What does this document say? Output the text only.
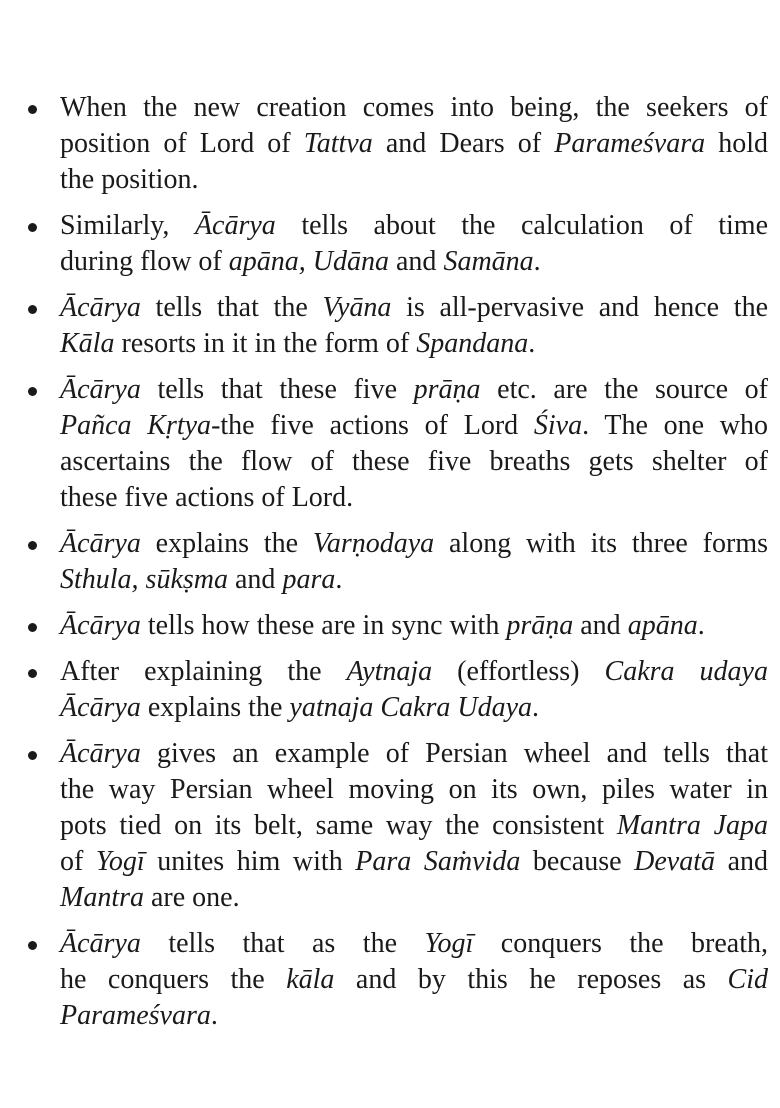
When the new creation comes into being, the seekers of
position of Lord of Tattva and Dears of Parameśvara hold
the position.
Similarly, Ācārya tells about the calculation of time
during flow of apāna, Udāna and Samāna.
Ācārya tells that the Vyāna is all-pervasive and hence the
Kāla resorts in it in the form of Spandana.
Ācārya tells that these five prāṇa etc. are the source of
Pañca Kṛtya-the five actions of Lord Śiva. The one who
ascertains the flow of these five breaths gets shelter of
these five actions of Lord.
Ācārya explains the Varṇodaya along with its three forms
Sthula, sūkṣma and para.
Ācārya tells how these are in sync with prāṇa and apāna.
After explaining the Aytnaja (effortless) Cakra udaya
Ācārya explains the yatnaja Cakra Udaya.
Ācārya gives an example of Persian wheel and tells that
the way Persian wheel moving on its own, piles water in
pots tied on its belt, same way the consistent Mantra Japa
of Yogī unites him with Para Saṁvida because Devatā and
Mantra are one.
Ācārya tells that as the Yogī conquers the breath,
he conquers the kāla and by this he reposes as Cid
Parameśvara.
